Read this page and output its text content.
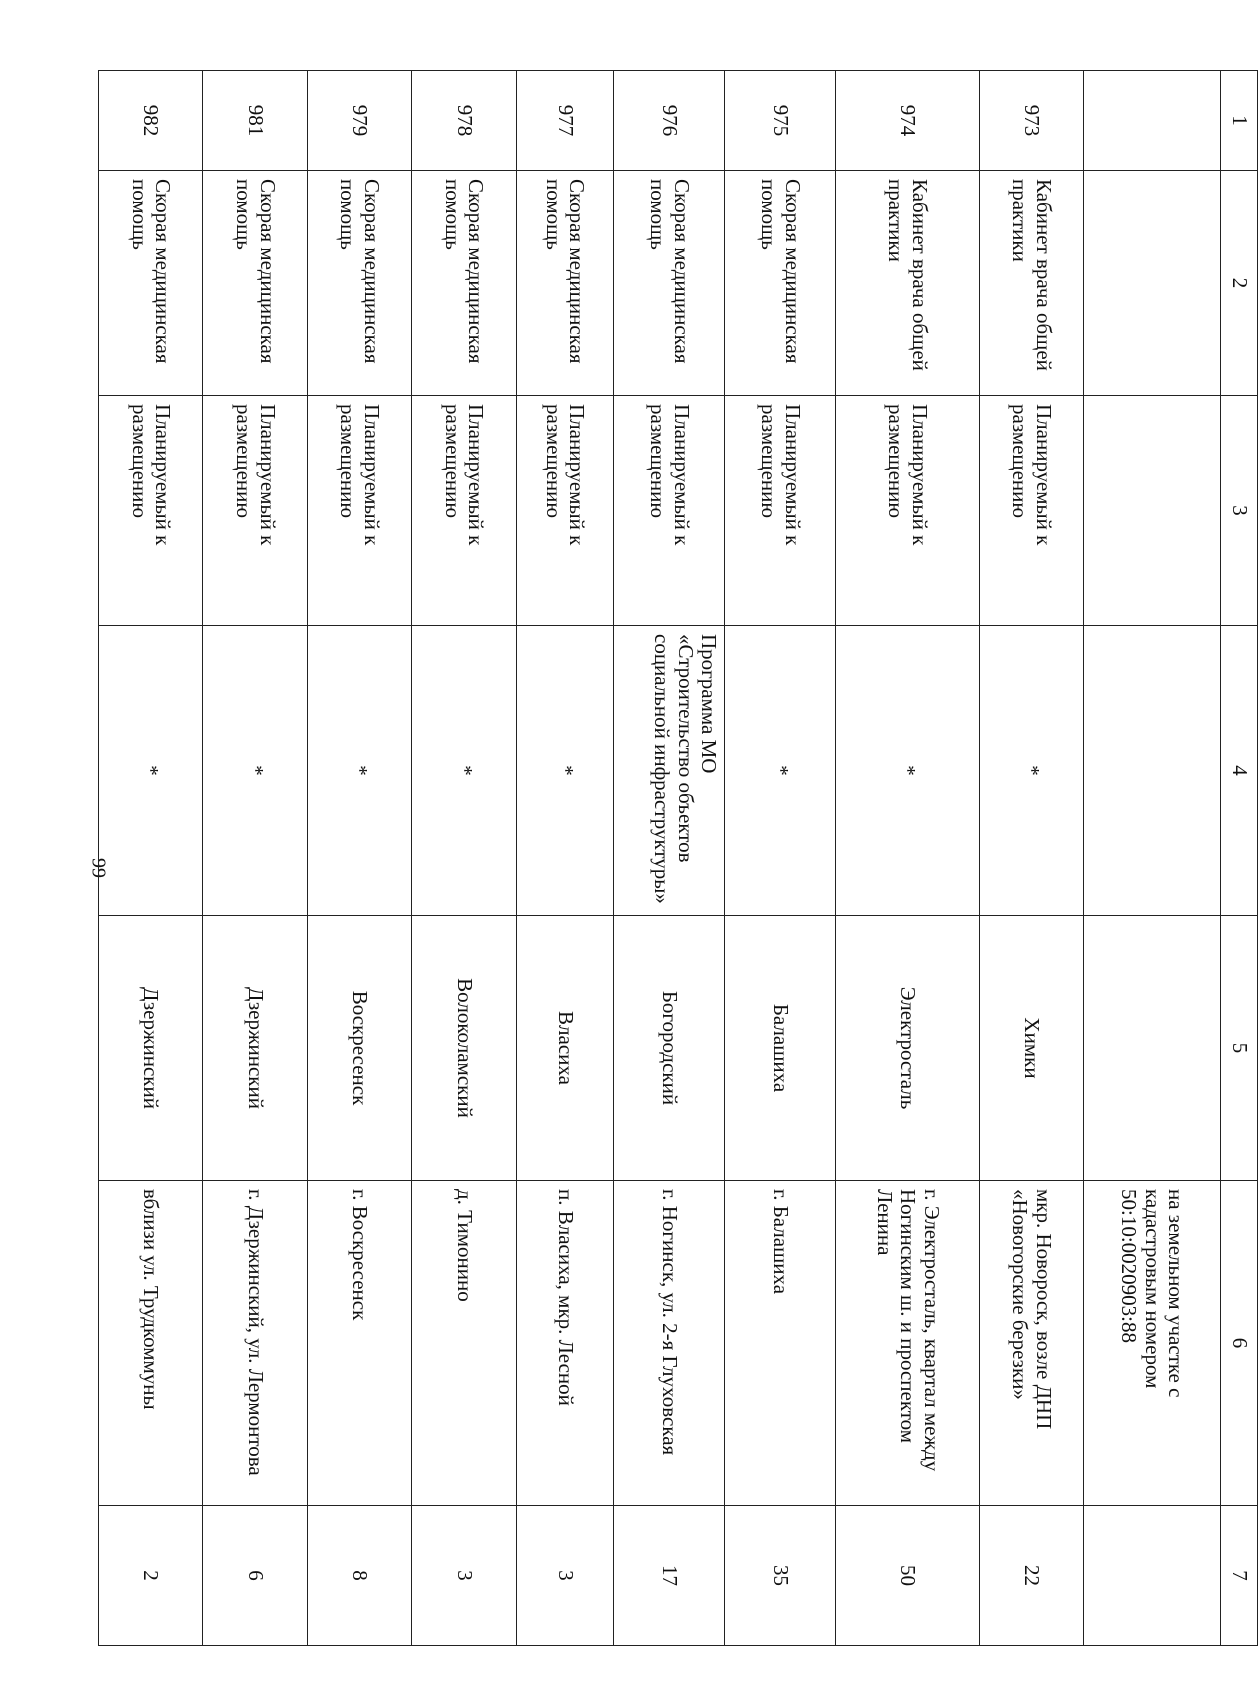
99
1	2	3	4	5	6	7
					на земельном участке с кадастровым номером 50:10:0020903:88	
973	Кабинет врача общей практики	Планируемый к размещению	*	Химки	мкр. Новороск, возле ДНП «Новогорские березки»	22
974	Кабинет врача общей практики	Планируемый к размещению	*	Электросталь	г. Электросталь, квартал между Ногинским ш. и проспектом Ленина	50
975	Скорая медицинская помощь	Планируемый к размещению	*	Балашиха	г. Балашиха	35
976	Скорая медицинская помощь	Планируемый к размещению	Программа МО «Строительство объектов социальной инфраструктуры»	Богородский	г. Ногинск, ул. 2-я Глуховская	17
977	Скорая медицинская помощь	Планируемый к размещению	*	Власиха	п. Власиха, мкр. Лесной	3
978	Скорая медицинская помощь	Планируемый к размещению	*	Волоколамский	д. Тимонино	3
979	Скорая медицинская помощь	Планируемый к размещению	*	Воскресенск	г. Воскресенск	8
981	Скорая медицинская помощь	Планируемый к размещению	*	Дзержинский	г. Дзержинский, ул. Лермонтова	6
982	Скорая медицинская помощь	Планируемый к размещению	*	Дзержинский	вблизи ул. Трудкоммуны	2
